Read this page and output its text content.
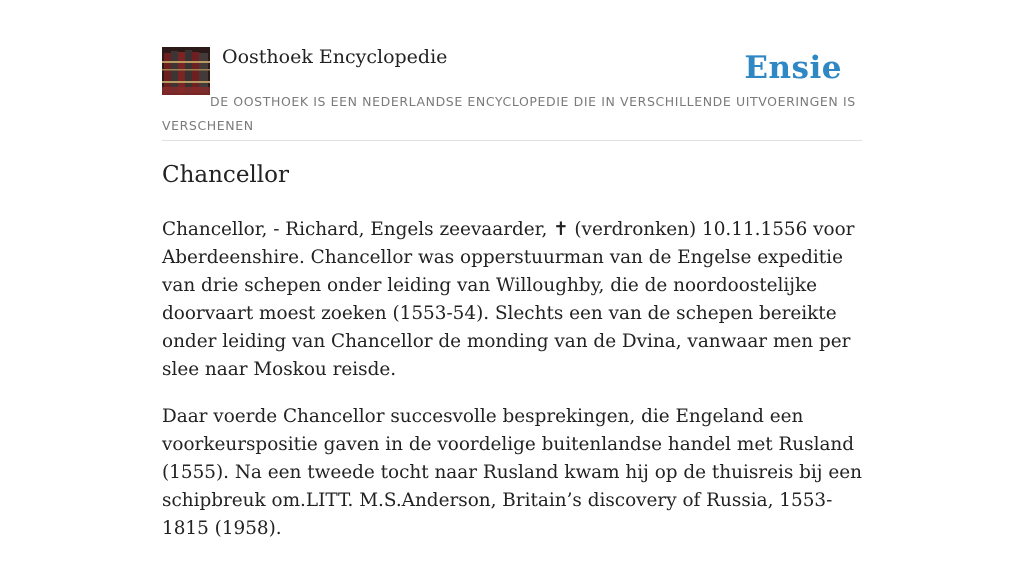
Oosthoek Encyclopedie	Ensie
DE OOSTHOEK IS EEN NEDERLANDSE ENCYCLOPEDIE DIE IN VERSCHILLENDE UITVOERINGEN IS VERSCHENEN
Chancellor

Chancellor, - Richard, Engels zeevaarder, ✝ (verdronken) 10.11.1556 voor Aberdeenshire. Chancellor was opperstuurman van de Engelse expeditie van drie schepen onder leiding van Willoughby, die de noordoostelijke doorvaart moest zoeken (1553-54). Slechts een van de schepen bereikte onder leiding van Chancellor de monding van de Dvina, vanwaar men per slee naar Moskou reisde.

Daar voerde Chancellor succesvolle besprekingen, die Engeland een voorkeurspositie gaven in de voordelige buitenlandse handel met Rusland (1555). Na een tweede tocht naar Rusland kwam hij op de thuisreis bij een schipbreuk om.LITT. M.S.Anderson, Britain’s discovery of Russia, 1553-1815 (1958).
